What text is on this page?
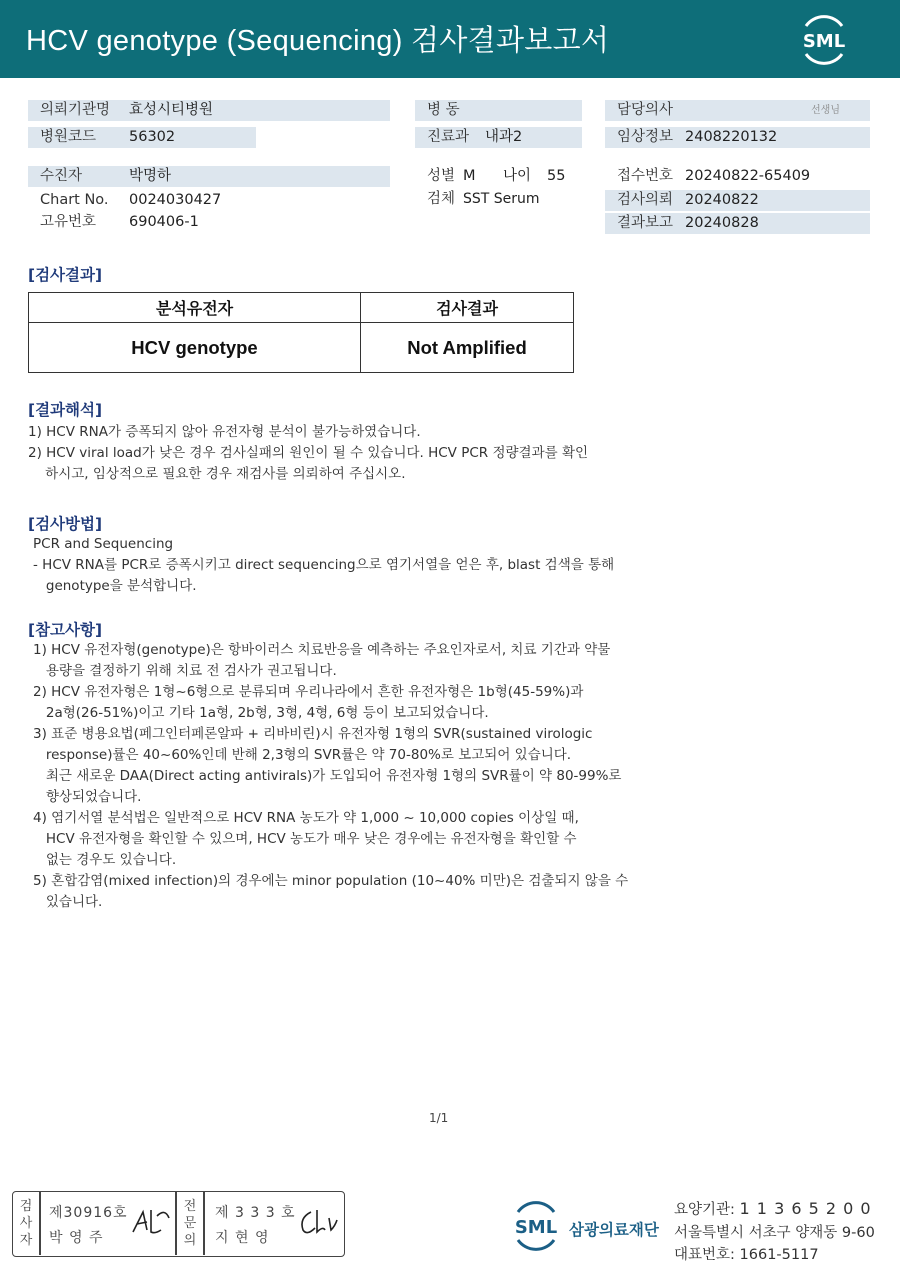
HCV genotype (Sequencing) 검사결과보고서	SML
의뢰기관명 효성시티병원
병원코드 56302
수진자	박명하
Chart No. 0024030427
고유번호 690406-1
병 동
진료과 내과2
성별 M 나이 55
검체 SST Serum
담당의사	선생님
임상정보 2408220132
접수번호 20240822-65409
검사의뢰 20240822
결과보고 20240828
[검사결과]
분석유전자	검사결과
HCV genotype	Not Amplified
[결과해석]
1) HCV RNA가 증폭되지 않아 유전자형 분석이 불가능하였습니다.
2) HCV viral load가 낮은 경우 검사실패의 원인이 될 수 있습니다. HCV PCR 정량결과를 확인
하시고, 임상적으로 필요한 경우 재검사를 의뢰하여 주십시오.
[검사방법]
PCR and Sequencing
- HCV RNA를 PCR로 증폭시키고 direct sequencing으로 염기서열을 얻은 후, blast 검색을 통해
genotype을 분석합니다.
[참고사항]
1) HCV 유전자형(genotype)은 항바이러스 치료반응을 예측하는 주요인자로서, 치료 기간과 약물
용량을 결정하기 위해 치료 전 검사가 권고됩니다.
2) HCV 유전자형은 1형~6형으로 분류되며 우리나라에서 흔한 유전자형은 1b형(45-59%)과
2a형(26-51%)이고 기타 1a형, 2b형, 3형, 4형, 6형 등이 보고되었습니다.
3) 표준 병용요법(페그인터페론알파 + 리바비린)시 유전자형 1형의 SVR(sustained virologic
response)률은 40~60%인데 반해 2,3형의 SVR률은 약 70-80%로 보고되어 있습니다.
최근 새로운 DAA(Direct acting antivirals)가 도입되어 유전자형 1형의 SVR률이 약 80-99%로
향상되었습니다.
4) 염기서열 분석법은 일반적으로 HCV RNA 농도가 약 1,000 ~ 10,000 copies 이상일 때,
HCV 유전자형을 확인할 수 있으며, HCV 농도가 매우 낮은 경우에는 유전자형을 확인할 수
없는 경우도 있습니다.
5) 혼합감염(mixed infection)의 경우에는 minor population (10~40% 미만)은 검출되지 않을 수
있습니다.
1/1
검
사
자
제30916호
박 영 주
전
문
의
제 3 3 3 호
지 현 영	SML 삼광의료재단
요양기관: 1 1 3 6 5 2 0 0
서울특별시 서초구 양재동 9-60
대표번호: 1661-5117
